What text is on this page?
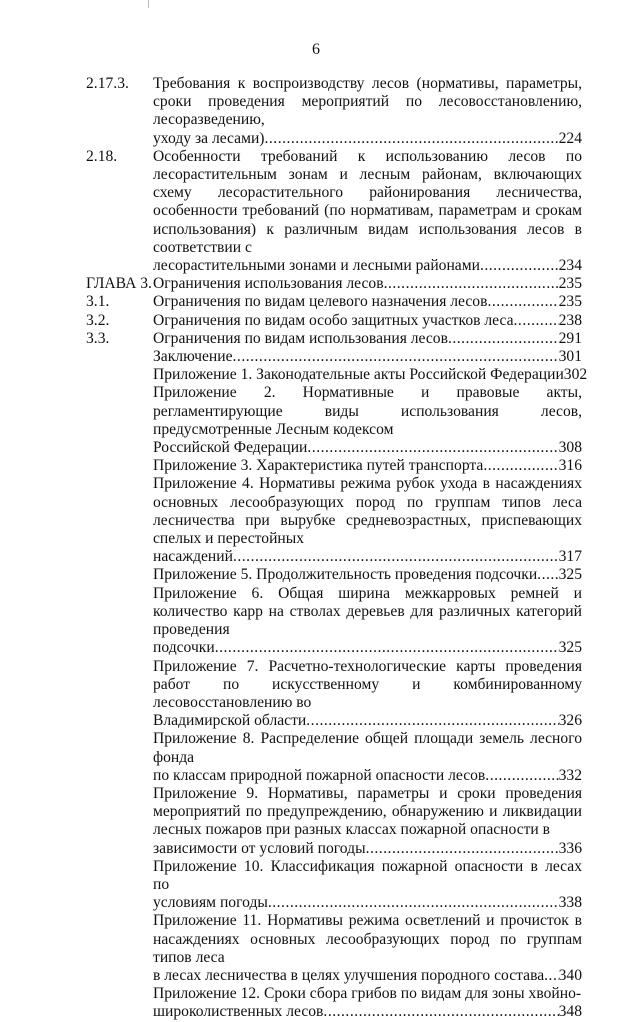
6
2.17.3. Требования к воспроизводству лесов (нормативы, параметры, сроки проведения мероприятий по лесовосстановлению, лесоразведению,
уходу за лесами) .....	224
2.18. Особенности требований к использованию лесов по лесорастительным зонам и лесным районам, включающих схему лесорастительного районирования лесничества, особенности требований (по нормативам, параметрам и срокам использования) к различным видам использования лесов в соответствии с
лесорастительными зонами и лесными районами .....	234
ГЛАВА 3. Ограничения использования лесов .....	235
3.1.	Ограничения по видам целевого назначения лесов .....	235
3.2.	Ограничения по видам особо защитных участков леса .....	238
3.3.	Ограничения по видам использования лесов .....	291
Заключение .....	301
Приложение 1. Законодательные акты Российской Федерации 302
Приложение 2. Нормативные и правовые акты, регламентирующие виды использования лесов, предусмотренные Лесным кодексом
Российской Федерации .....	308
Приложение 3. Характеристика путей транспорта .....	316
Приложение 4. Нормативы режима рубок ухода в насаждениях основных лесообразующих пород по группам типов леса лесничества при вырубке средневозрастных, приспевающих спелых и перестойных
насаждений .....	317
Приложение 5. Продолжительность проведения подсочки ..... 325
Приложение 6. Общая ширина межкарровых ремней и количество карр на стволах деревьев для различных категорий проведения
подсочки .....	325
Приложение 7. Расчетно-технологические карты проведения работ по искусственному и комбинированному лесовосстановлению во
Владимирской области .....	326
Приложение 8. Распределение общей площади земель лесного фонда
по классам природной пожарной опасности лесов .....	332
Приложение 9. Нормативы, параметры и сроки проведения мероприятий по предупреждению, обнаружению и ликвидации лесных пожаров при разных классах пожарной опасности в
зависимости от условий погоды .....	336
Приложение 10. Классификация пожарной опасности в лесах по
условиям погоды .....	338
Приложение 11. Нормативы режима осветлений и прочисток в насаждениях основных лесообразующих пород по группам типов леса
в лесах лесничества в целях улучшения породного состава ..... 340
Приложение 12. Сроки сбора грибов по видам для зоны хвойно-
широколиственных лесов .....	348
